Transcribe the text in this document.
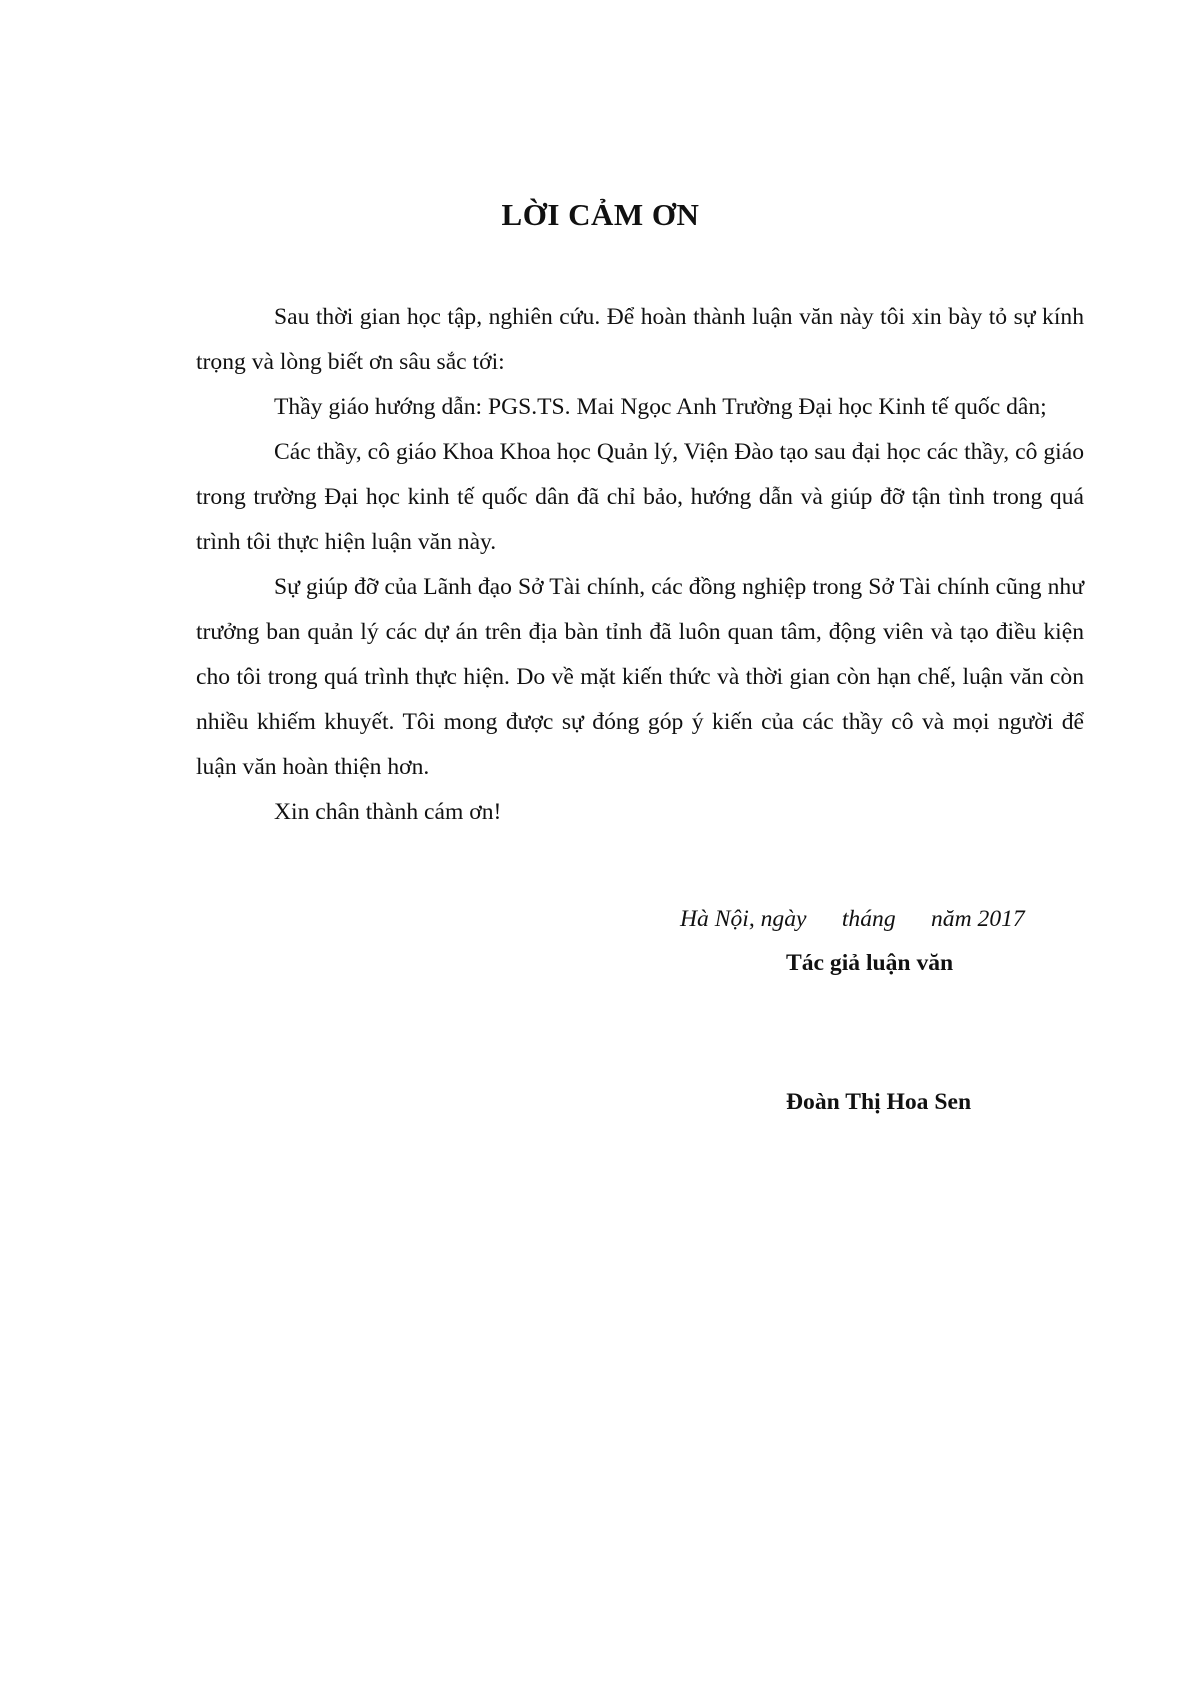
LỜI CẢM ƠN

Sau thời gian học tập, nghiên cứu. Để hoàn thành luận văn này tôi xin bày tỏ sự kính trọng và lòng biết ơn sâu sắc tới:

Thầy giáo hướng dẫn: PGS.TS. Mai Ngọc Anh Trường Đại học Kinh tế quốc dân;

Các thầy, cô giáo Khoa Khoa học Quản lý, Viện Đào tạo sau đại học các thầy, cô giáo trong trường Đại học kinh tế quốc dân đã chỉ bảo, hướng dẫn và giúp đỡ tận tình trong quá trình tôi thực hiện luận văn này.

Sự giúp đỡ của Lãnh đạo Sở Tài chính, các đồng nghiệp trong Sở Tài chính cũng như trưởng ban quản lý các dự án trên địa bàn tỉnh đã luôn quan tâm, động viên và tạo điều kiện cho tôi trong quá trình thực hiện. Do về mặt kiến thức và thời gian còn hạn chế, luận văn còn nhiều khiếm khuyết. Tôi mong được sự đóng góp ý kiến của các thầy cô và mọi người để luận văn hoàn thiện hơn.

Xin chân thành cám ơn!

Hà Nội, ngày      tháng      năm 2017

Tác giả luận văn

Đoàn Thị Hoa Sen
